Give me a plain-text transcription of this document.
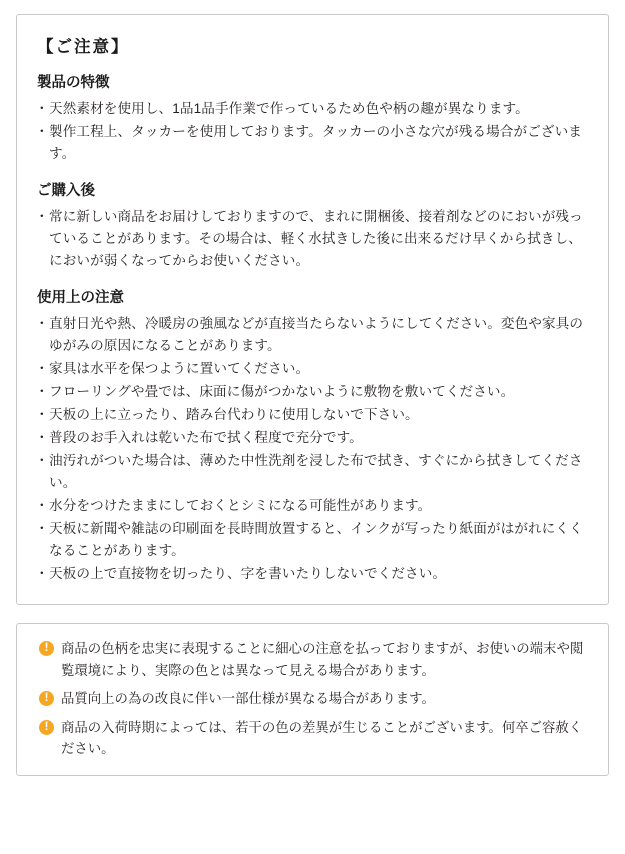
【ご注意】
製品の特徴
・ 天然素材を使用し、1品1品手作業で作っているため色や柄の趣が異なります。
・ 製作工程上、タッカーを使用しております。タッカーの小さな穴が残る場合がございます。
ご購入後
・ 常に新しい商品をお届けしておりますので、まれに開梱後、接着剤などのにおいが残っていることがあります。その場合は、軽く水拭きした後に出来るだけ早くから拭きし、においが弱くなってからお使いください。
使用上の注意
・ 直射日光や熱、冷暖房の強風などが直接当たらないようにしてください。変色や家具のゆがみの原因になることがあります。
・ 家具は水平を保つように置いてください。
・ フローリングや畳では、床面に傷がつかないように敷物を敷いてください。
・ 天板の上に立ったり、踏み台代わりに使用しないで下さい。
・ 普段のお手入れは乾いた布で拭く程度で充分です。
・ 油汚れがついた場合は、薄めた中性洗剤を浸した布で拭き、すぐにから拭きしてください。
・ 水分をつけたままにしておくとシミになる可能性があります。
・ 天板に新聞や雑誌の印刷面を長時間放置すると、インクが写ったり紙面がはがれにくくなることがあります。
・ 天板の上で直接物を切ったり、字を書いたりしないでください。
!
商品の色柄を忠実に表現することに細心の注意を払っておりますが、お使いの端末や閲覧環境により、実際の色とは異なって見える場合があります。
!
品質向上の為の改良に伴い一部仕様が異なる場合があります。
!
商品の入荷時期によっては、若干の色の差異が生じることがございます。何卒ご容赦ください。
